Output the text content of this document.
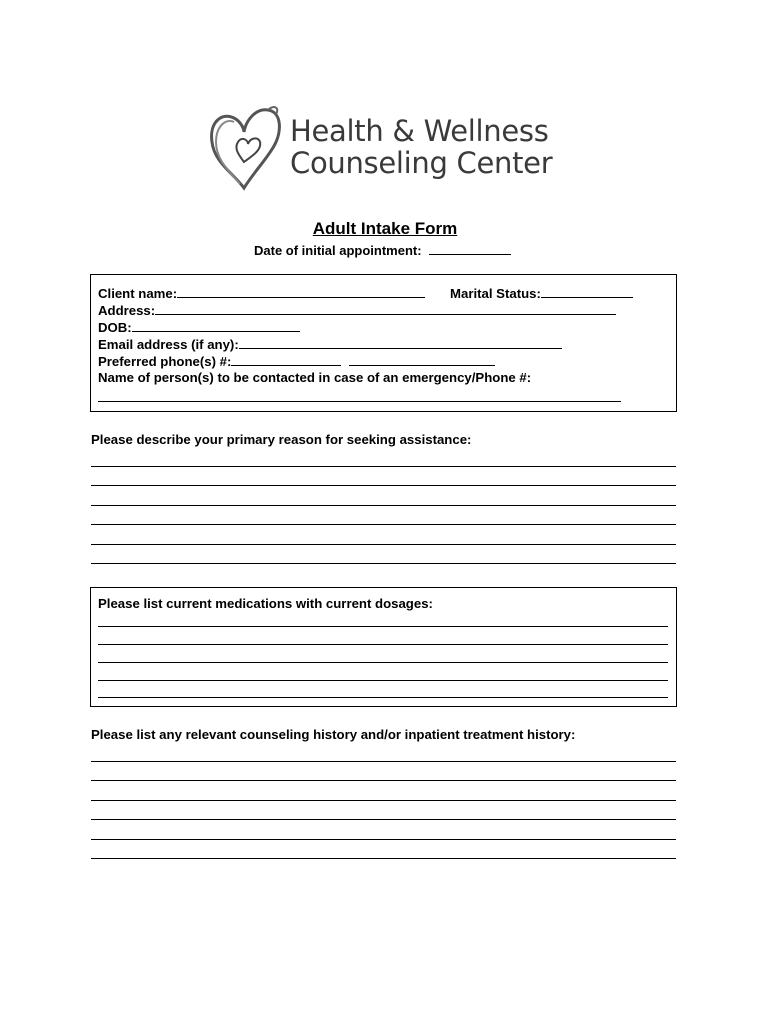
Health & Wellness
Counseling Center
Adult Intake Form
Date of initial appointment:
Client name:	Marital Status:
Address:
DOB:
Email address (if any):
Preferred phone(s) #:
Name of person(s) to be contacted in case of an emergency/Phone #:
Please describe your primary reason for seeking assistance:
Please list current medications with current dosages:
Please list any relevant counseling history and/or inpatient treatment history:
